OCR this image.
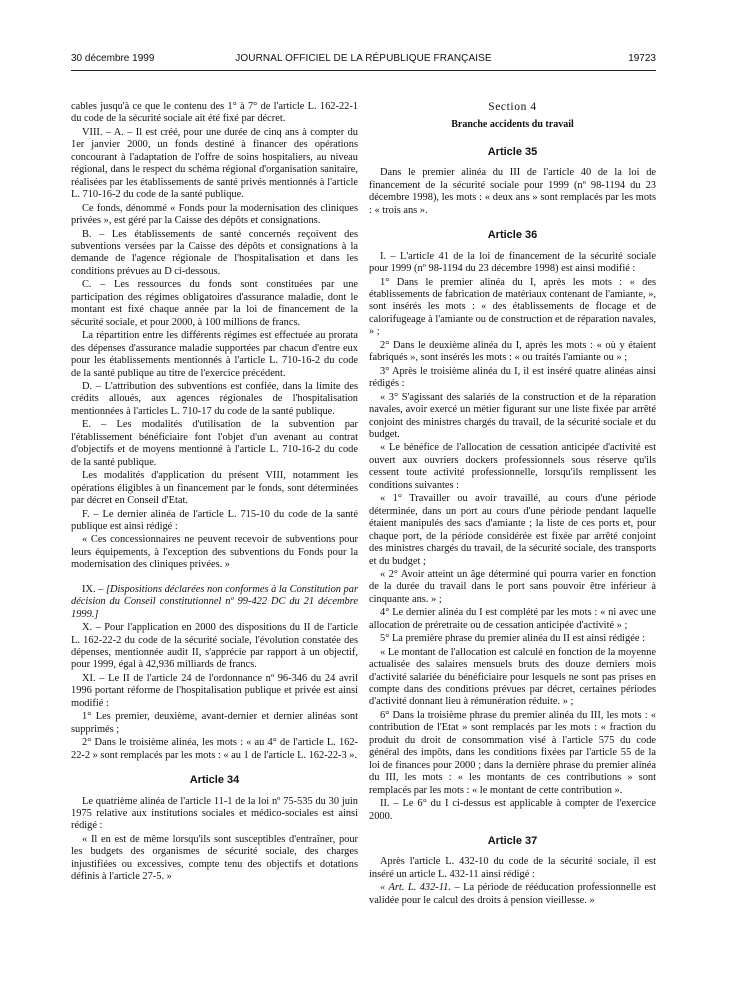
30 décembre 1999	JOURNAL OFFICIEL DE LA RÉPUBLIQUE FRANÇAISE	19723

cables jusqu'à ce que le contenu des 1° à 7° de l'article L. 162-22-1 du code de la sécurité sociale ait été fixé par décret.

VIII. – A. – Il est créé, pour une durée de cinq ans à compter du 1er janvier 2000, un fonds destiné à financer des opérations concourant à l'adaptation de l'offre de soins hospitaliers, au niveau régional, dans le respect du schéma régional d'organisation sanitaire, réalisées par les établissements de santé privés mentionnés à l'article L. 710-16-2 du code de la santé publique.

Ce fonds, dénommé « Fonds pour la modernisation des cliniques privées », est géré par la Caisse des dépôts et consignations.

B. – Les établissements de santé concernés reçoivent des subventions versées par la Caisse des dépôts et consignations à la demande de l'agence régionale de l'hospitalisation et dans les conditions prévues au D ci-dessous.

C. – Les ressources du fonds sont constituées par une participation des régimes obligatoires d'assurance maladie, dont le montant est fixé chaque année par la loi de financement de la sécurité sociale, et pour 2000, à 100 millions de francs.

La répartition entre les différents régimes est effectuée au prorata des dépenses d'assurance maladie supportées par chacun d'entre eux pour les établissements mentionnés à l'article L. 710-16-2 du code de la santé publique au titre de l'exercice précédent.

D. – L'attribution des subventions est confiée, dans la limite des crédits alloués, aux agences régionales de l'hospitalisation mentionnées à l'articles L. 710-17 du code de la santé publique.

E. – Les modalités d'utilisation de la subvention par l'établissement bénéficiaire font l'objet d'un avenant au contrat d'objectifs et de moyens mentionné à l'article L. 710-16-2 du code de la santé publique.

Les modalités d'application du présent VIII, notamment les opérations éligibles à un financement par le fonds, sont déterminées par décret en Conseil d'Etat.

F. – Le dernier alinéa de l'article L. 715-10 du code de la santé publique est ainsi rédigé :

« Ces concessionnaires ne peuvent recevoir de subventions pour leurs équipements, à l'exception des subventions du Fonds pour la modernisation des cliniques privées. »

IX. – [Dispositions déclarées non conformes à la Constitution par décision du Conseil constitutionnel nº 99-422 DC du 21 décembre 1999.]

X. – Pour l'application en 2000 des dispositions du II de l'article L. 162-22-2 du code de la sécurité sociale, l'évolution constatée des dépenses, mentionnée audit II, s'apprécie par rapport à un objectif, pour 1999, égal à 42,936 milliards de francs.

XI. – Le II de l'article 24 de l'ordonnance nº 96-346 du 24 avril 1996 portant réforme de l'hospitalisation publique et privée est ainsi modifié :

1° Les premier, deuxième, avant-dernier et dernier alinéas sont supprimés ;

2° Dans le troisième alinéa, les mots : « au 4° de l'article L. 162-22-2 » sont remplacés par les mots : « au 1 de l'article L. 162-22-3 ».

Article 34

Le quatrième alinéa de l'article 11-1 de la loi nº 75-535 du 30 juin 1975 relative aux institutions sociales et médico-sociales est ainsi rédigé :

« Il en est de même lorsqu'ils sont susceptibles d'entraîner, pour les budgets des organismes de sécurité sociale, des charges injustifiées ou excessives, compte tenu des objectifs et dotations définis à l'article 27-5. »

Section 4
Branche accidents du travail
Article 35

Dans le premier alinéa du III de l'article 40 de la loi de financement de la sécurité sociale pour 1999 (nº 98-1194 du 23 décembre 1998), les mots : « deux ans » sont remplacés par les mots : « trois ans ».

Article 36

I. – L'article 41 de la loi de financement de la sécurité sociale pour 1999 (nº 98-1194 du 23 décembre 1998) est ainsi modifié :

1° Dans le premier alinéa du I, après les mots : « des établissements de fabrication de matériaux contenant de l'amiante, », sont insérés les mots : « des établissements de flocage et de calorifugeage à l'amiante ou de construction et de réparation navales, » ;

2° Dans le deuxième alinéa du I, après les mots : « où y étaient fabriqués », sont insérés les mots : « ou traités l'amiante ou » ;

3° Après le troisième alinéa du I, il est inséré quatre alinéas ainsi rédigés :

« 3° S'agissant des salariés de la construction et de la réparation navales, avoir exercé un métier figurant sur une liste fixée par arrêté conjoint des ministres chargés du travail, de la sécurité sociale et du budget.

« Le bénéfice de l'allocation de cessation anticipée d'activité est ouvert aux ouvriers dockers professionnels sous réserve qu'ils cessent toute activité professionnelle, lorsqu'ils remplissent les conditions suivantes :

« 1° Travailler ou avoir travaillé, au cours d'une période déterminée, dans un port au cours d'une période pendant laquelle étaient manipulés des sacs d'amiante ; la liste de ces ports et, pour chaque port, de la période considérée est fixée par arrêté conjoint des ministres chargés du travail, de la sécurité sociale, des transports et du budget ;

« 2° Avoir atteint un âge déterminé qui pourra varier en fonction de la durée du travail dans le port sans pouvoir être inférieur à cinquante ans. » ;

4° Le dernier alinéa du I est complété par les mots : « ni avec une allocation de préretraite ou de cessation anticipée d'activité » ;

5° La première phrase du premier alinéa du II est ainsi rédigée :

« Le montant de l'allocation est calculé en fonction de la moyenne actualisée des salaires mensuels bruts des douze derniers mois d'activité salariée du bénéficiaire pour lesquels ne sont pas prises en compte dans des conditions prévues par décret, certaines périodes d'activité donnant lieu à rémunération réduite. » ;

6° Dans la troisième phrase du premier alinéa du III, les mots : « contribution de l'Etat » sont remplacés par les mots : « fraction du produit du droit de consommation visé à l'article 575 du code général des impôts, dans les conditions fixées par l'article 55 de la loi de finances pour 2000 ; dans la dernière phrase du premier alinéa du III, les mots : « les montants de ces contributions » sont remplacés par les mots : « le montant de cette contribution ».

II. – Le 6° du I ci-dessus est applicable à compter de l'exercice 2000.

Article 37

Après l'article L. 432-10 du code de la sécurité sociale, il est inséré un article L. 432-11 ainsi rédigé :

« Art. L. 432-11. – La période de rééducation professionnelle est validée pour le calcul des droits à pension vieillesse. »
